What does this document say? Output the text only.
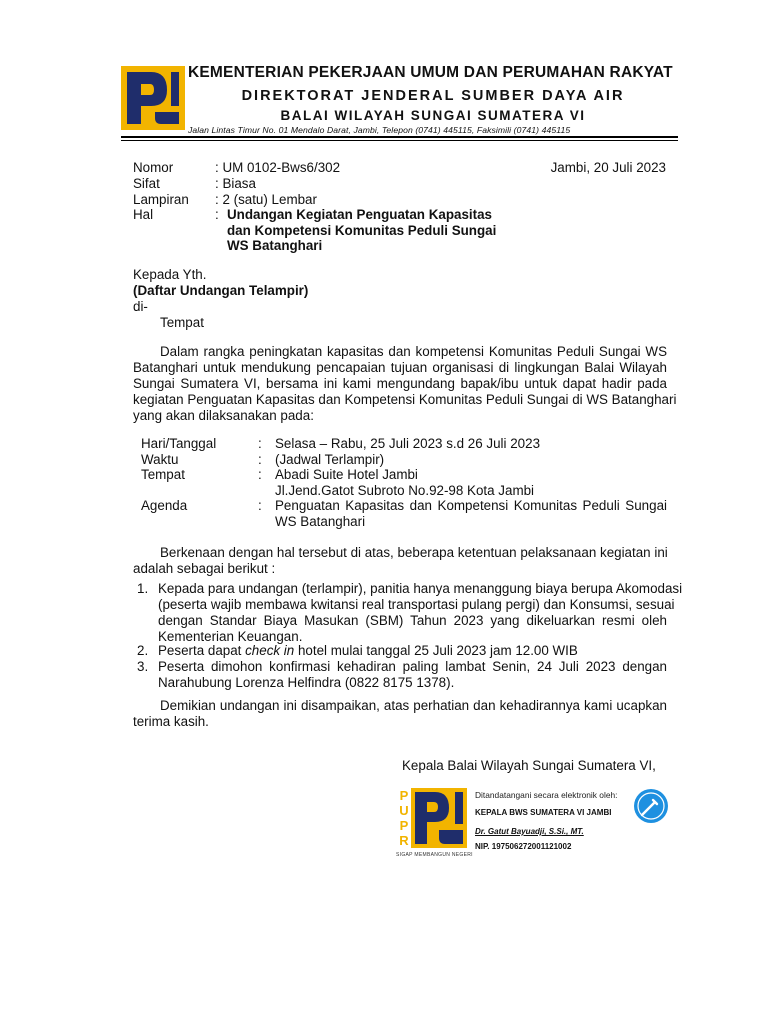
KEMENTERIAN PEKERJAAN UMUM DAN PERUMAHAN RAKYAT
DIREKTORAT JENDERAL SUMBER DAYA AIR
BALAI WILAYAH SUNGAI SUMATERA VI
Jalan Lintas Timur No. 01 Mendalo Darat, Jambi, Telepon (0741) 445115, Faksimili (0741) 445115
Nomor	: UM 0102-Bws6/302	Jambi, 20 Juli 2023
Sifat	: Biasa
Lampiran : 2 (satu) Lembar
Hal	: Undangan Kegiatan Penguatan Kapasitas
dan Kompetensi Komunitas Peduli Sungai
WS Batanghari
Kepada Yth.
(Daftar Undangan Telampir)
di-
Tempat
Dalam rangka peningkatan kapasitas dan kompetensi Komunitas Peduli Sungai WS
Batanghari untuk mendukung pencapaian tujuan organisasi di lingkungan Balai Wilayah
Sungai Sumatera VI, bersama ini kami mengundang bapak/ibu untuk dapat hadir pada
kegiatan Penguatan Kapasitas dan Kompetensi Komunitas Peduli Sungai di WS Batanghari
yang akan dilaksanakan pada:
Hari/Tanggal	: Selasa – Rabu, 25 Juli 2023 s.d 26 Juli 2023
Waktu	: (Jadwal Terlampir)
Tempat	: Abadi Suite Hotel Jambi
Jl.Jend.Gatot Subroto No.92-98 Kota Jambi
Agenda	: Penguatan Kapasitas dan Kompetensi Komunitas Peduli Sungai
WS Batanghari
Berkenaan dengan hal tersebut di atas, beberapa ketentuan pelaksanaan kegiatan ini
adalah sebagai berikut :
1. Kepada para undangan (terlampir), panitia hanya menanggung biaya berupa Akomodasi
(peserta wajib membawa kwitansi real transportasi pulang pergi) dan Konsumsi, sesuai
dengan Standar Biaya Masukan (SBM) Tahun 2023 yang dikeluarkan resmi oleh
Kementerian Keuangan.
2. Peserta dapat check in hotel mulai tanggal 25 Juli 2023 jam 12.00 WIB
3. Peserta dimohon konfirmasi kehadiran paling lambat Senin, 24 Juli 2023 dengan
Narahubung Lorenza Helfindra (0822 8175 1378).
Demikian undangan ini disampaikan, atas perhatian dan kehadirannya kami ucapkan
terima kasih.
Kepala Balai Wilayah Sungai Sumatera VI,
PUPR
SIGAP MEMBANGUN NEGERI
Ditandatangani secara elektronik oleh:
KEPALA BWS SUMATERA VI JAMBI
Dr. Gatut Bayuadji, S.Si., MT.
NIP. 197506272001121002
